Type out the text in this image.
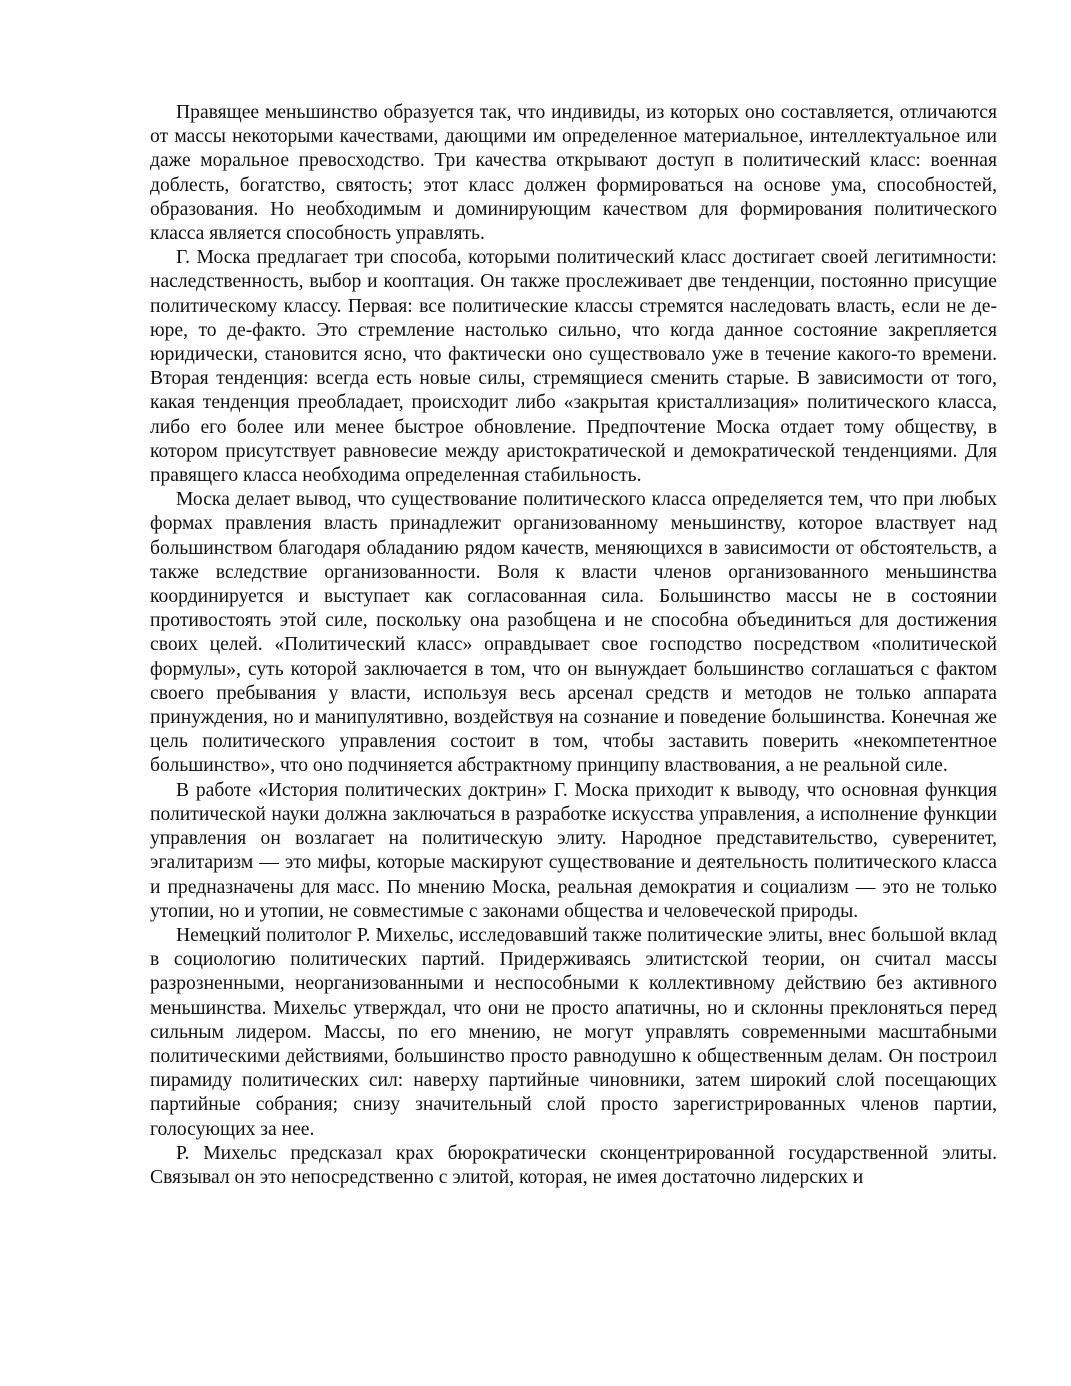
Правящее меньшинство образуется так, что индивиды, из которых оно составляется, отличаются от массы некоторыми качествами, дающими им определенное материальное, интеллектуальное или даже моральное превосходство. Три качества открывают доступ в политический класс: военная доблесть, богатство, святость; этот класс должен формироваться на основе ума, способностей, образования. Но необходимым и доминирующим качеством для формирования политического класса является способность управлять.

Г. Моска предлагает три способа, которыми политический класс достигает своей легитимности: наследственность, выбор и кооптация. Он также прослеживает две тенденции, постоянно присущие политическому классу. Первая: все политические классы стремятся наследовать власть, если не де-юре, то де-факто. Это стремление настолько сильно, что когда данное состояние закрепляется юридически, становится ясно, что фактически оно существовало уже в течение какого-то времени. Вторая тенденция: всегда есть новые силы, стремящиеся сменить старые. В зависимости от того, какая тенденция преобладает, происходит либо «закрытая кристаллизация» политического класса, либо его более или менее быстрое обновление. Предпочтение Моска отдает тому обществу, в котором присутствует равновесие между аристократической и демократической тенденциями. Для правящего класса необходима определенная стабильность.

Моска делает вывод, что существование политического класса определяется тем, что при любых формах правления власть принадлежит организованному меньшинству, которое властвует над большинством благодаря обладанию рядом качеств, меняющихся в зависимости от обстоятельств, а также вследствие организованности. Воля к власти членов организованного меньшинства координируется и выступает как согласованная сила. Большинство массы не в состоянии противостоять этой силе, поскольку она разобщена и не способна объединиться для достижения своих целей. «Политический класс» оправдывает свое господство посредством «политической формулы», суть которой заключается в том, что он вынуждает большинство соглашаться с фактом своего пребывания у власти, используя весь арсенал средств и методов не только аппарата принуждения, но и манипулятивно, воздействуя на сознание и поведение большинства. Конечная же цель политического управления состоит в том, чтобы заставить поверить «некомпетентное большинство», что оно подчиняется абстрактному принципу властвования, а не реальной силе.

В работе «История политических доктрин» Г. Моска приходит к выводу, что основная функция политической науки должна заключаться в разработке искусства управления, а исполнение функции управления он возлагает на политическую элиту. Народное представительство, суверенитет, эгалитаризм — это мифы, которые маскируют существование и деятельность политического класса и предназначены для масс. По мнению Моска, реальная демократия и социализм — это не только утопии, но и утопии, не совместимые с законами общества и человеческой природы.

Немецкий политолог Р. Михельс, исследовавший также политические элиты, внес большой вклад в социологию политических партий. Придерживаясь элитистской теории, он считал массы разрозненными, неорганизованными и неспособными к коллективному действию без активного меньшинства. Михельс утверждал, что они не просто апатичны, но и склонны преклоняться перед сильным лидером. Массы, по его мнению, не могут управлять современными масштабными политическими действиями, большинство просто равнодушно к общественным делам. Он построил пирамиду политических сил: наверху партийные чиновники, затем широкий слой посещающих партийные собрания; снизу значительный слой просто зарегистрированных членов партии, голосующих за нее.

Р. Михельс предсказал крах бюрократически сконцентрированной государственной элиты. Связывал он это непосредственно с элитой, которая, не имея достаточно лидерских и
